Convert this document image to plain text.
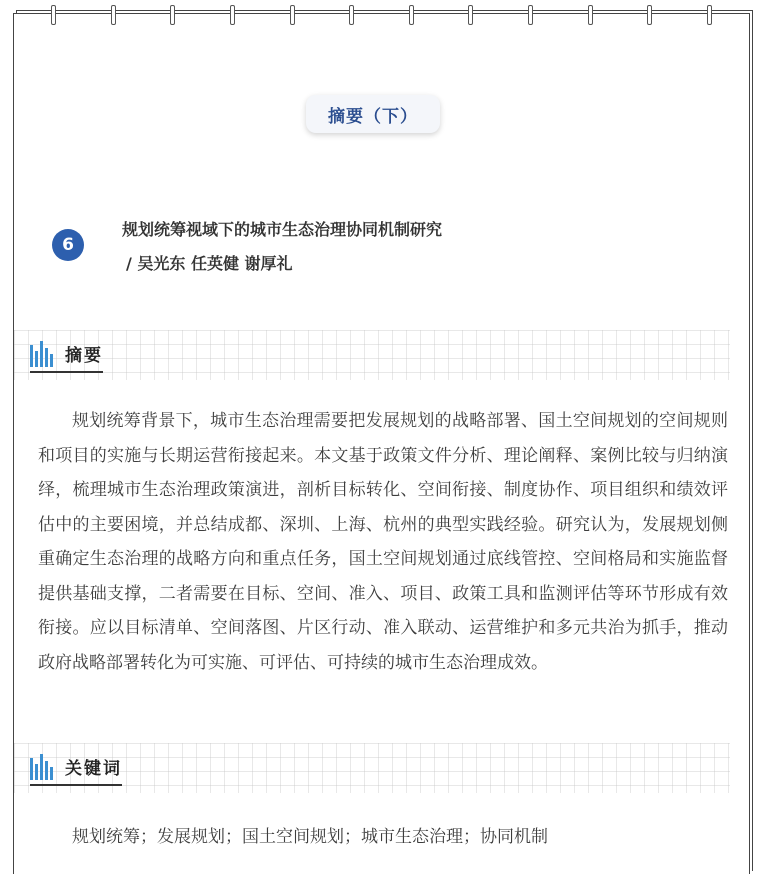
摘要（下）
6
规划统筹视域下的城市生态治理协同机制研究
/ 吴光东 任英健 谢厚礼
摘要

规划统筹背景下，城市生态治理需要把发展规划的战略部署、国土空间规划的空间规则和项目的实施与长期运营衔接起来。本文基于政策文件分析、理论阐释、案例比较与归纳演绎，梳理城市生态治理政策演进，剖析目标转化、空间衔接、制度协作、项目组织和绩效评估中的主要困境，并总结成都、深圳、上海、杭州的典型实践经验。研究认为，发展规划侧重确定生态治理的战略方向和重点任务，国土空间规划通过底线管控、空间格局和实施监督提供基础支撑，二者需要在目标、空间、准入、项目、政策工具和监测评估等环节形成有效衔接。应以目标清单、空间落图、片区行动、准入联动、运营维护和多元共治为抓手，推动政府战略部署转化为可实施、可评估、可持续的城市生态治理成效。

关键词
规划统筹；发展规划；国土空间规划；城市生态治理；协同机制
